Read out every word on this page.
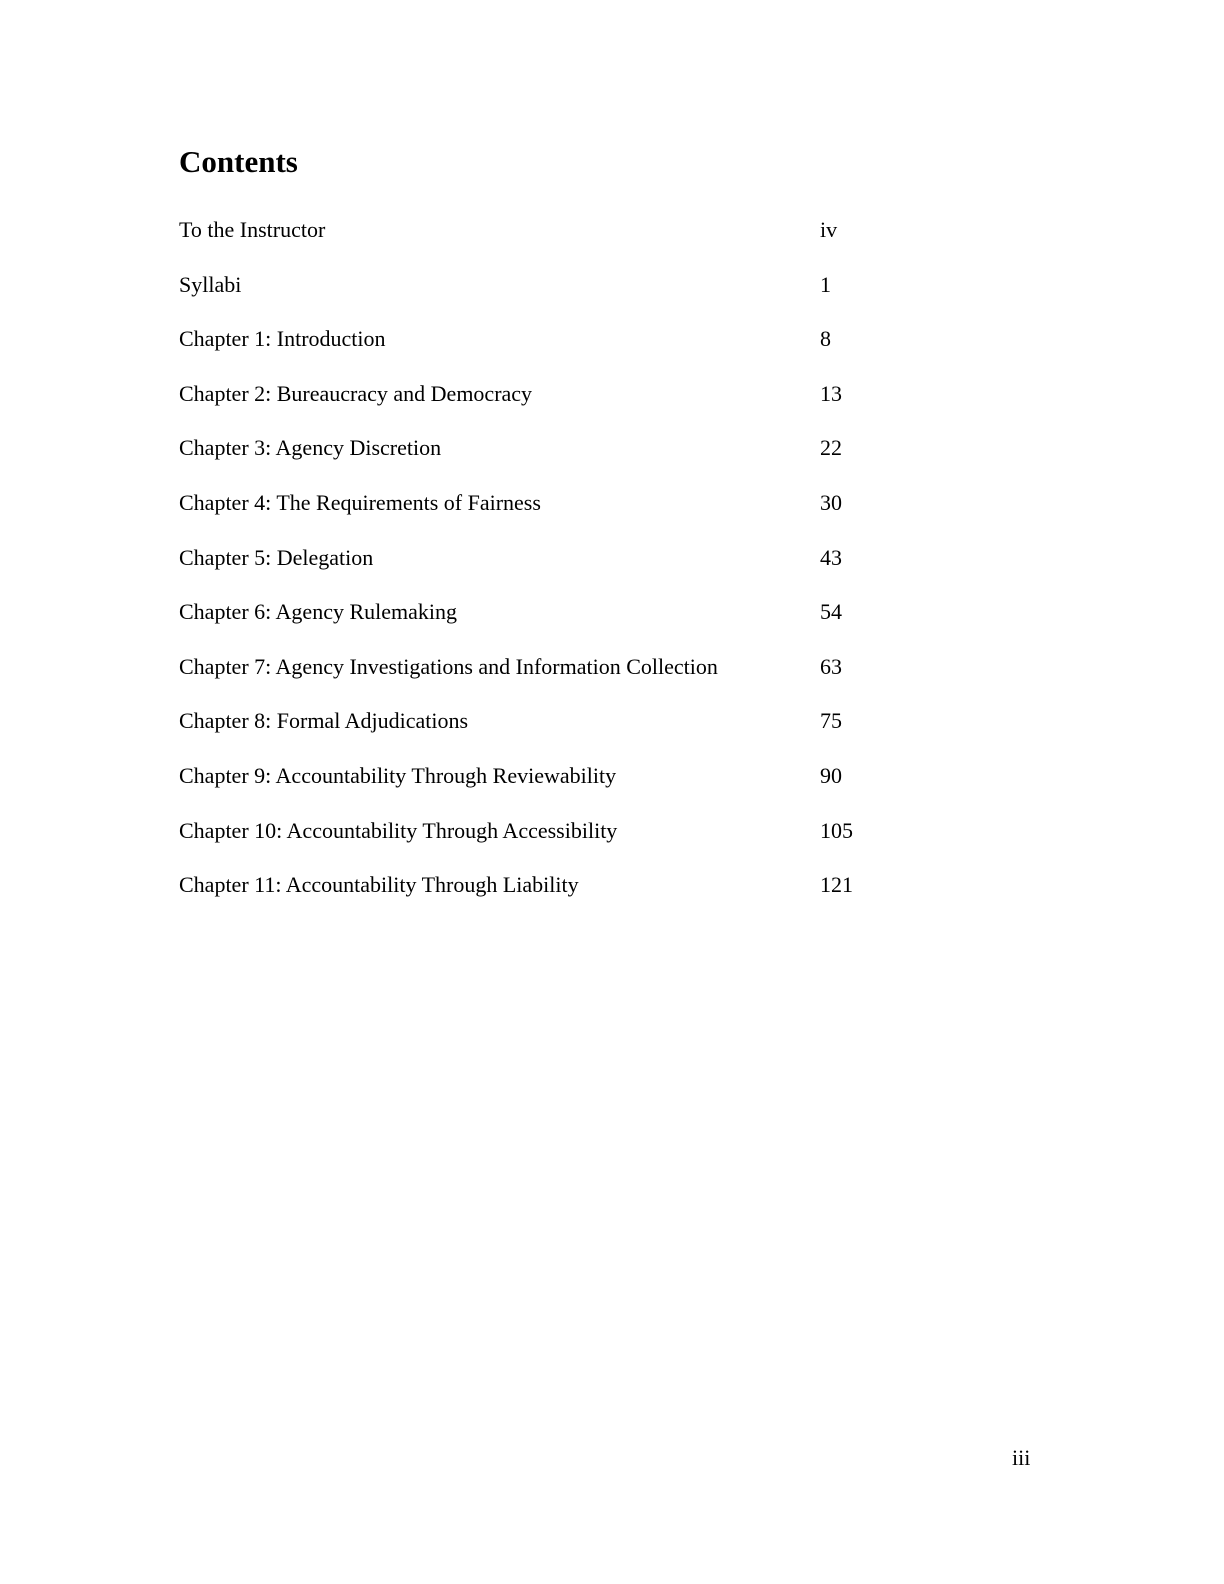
Contents
To the Instructor	iv
Syllabi	1
Chapter 1: Introduction	8
Chapter 2: Bureaucracy and Democracy	13
Chapter 3: Agency Discretion	22
Chapter 4: The Requirements of Fairness	30
Chapter 5: Delegation	43
Chapter 6: Agency Rulemaking	54
Chapter 7: Agency Investigations and Information Collection	63
Chapter 8: Formal Adjudications	75
Chapter 9: Accountability Through Reviewability	90
Chapter 10: Accountability Through Accessibility	105
Chapter 11: Accountability Through Liability	121
iii
